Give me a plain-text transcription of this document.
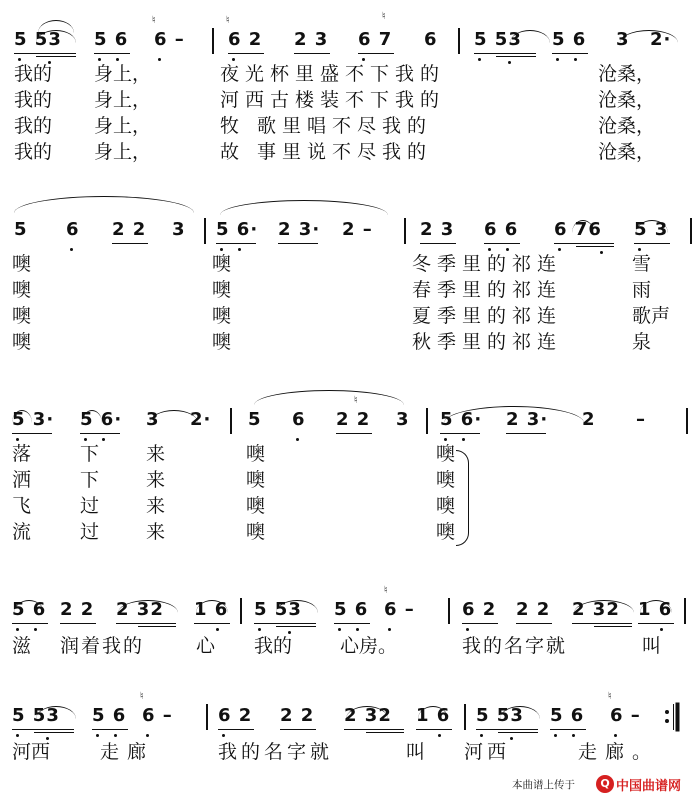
5 53 5 6 6 – 6 2 2 3 6 7 6 5 53 5 6 3 2·
♮	♮	♮
我的 身上，	夜光杯里盛不下我的	沧桑，
我的 身上，	河西古楼装不下我的	沧桑，
我的 身上，	牧 歌里唱不尽我的	沧桑，
我的 身上，	故 事里说不尽我的	沧桑，
5 6 2 2 3 5 6· 2 3· 2 –	2 3 6 6 6 76 5 3
噢	噢	冬季里的祁连	雪
噢	噢	春季里的祁连	雨
噢	噢	夏季里的祁连	歌声
噢	噢	秋季里的祁连	泉
5 3· 5 6· 3 2· 5 6 2 2 3 5 6· 2 3· 2 –
♮
落	下 来	噢	噢
洒	下 来	噢	噢
飞	过 来	噢	噢
流	过 来	噢	噢
5 6 2 2 2 32 1 6 5 53 5 6 6 –	6 2 2 2 2 32 1 6
♮
滋 润着我的	心 我的	心房。	我的名字就	叫
5 53 5 6 6 –	6 2 2 2 2 32 1 6 5 53 5 6 6 –
♮	♮
河西	走廊	我的名字就	叫 河西	走廊。
本曲谱上传于	Q 中国曲谱网
